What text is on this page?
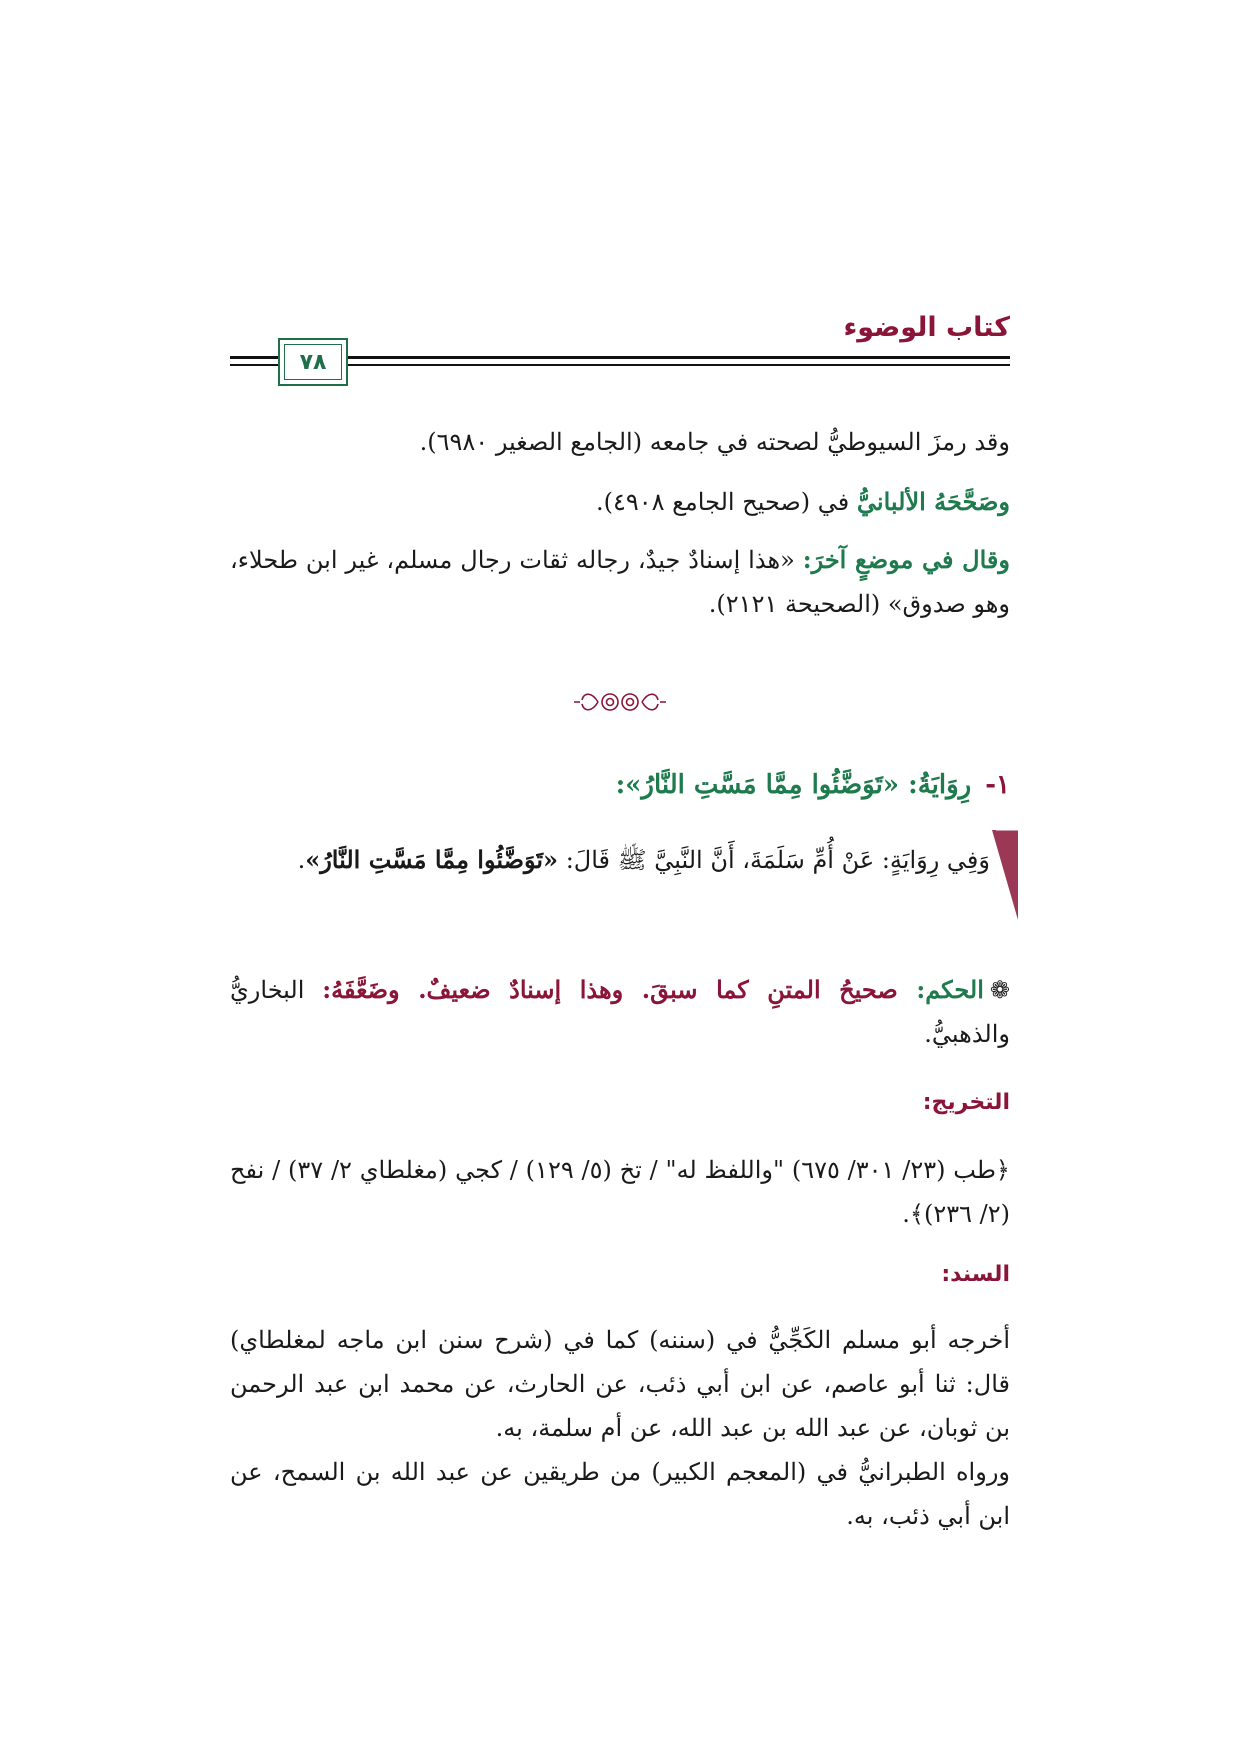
كتاب الوضوء
٧٨
وقد رمزَ السيوطيُّ لصحته في جامعه (الجامع الصغير ٦٩٨٠).
وصَحَّحَهُ الألبانيُّ في (صحيح الجامع ٤٩٠٨).
وقال في موضعٍ آخرَ: «هذا إسنادٌ جيدٌ، رجاله ثقات رجال مسلم، غير ابن طحلاء، وهو صدوق» (الصحيحة ٢١٢١).
١-رِوَايَةُ: «تَوَضَّئُوا مِمَّا مَسَّتِ النَّارُ»:
وَفِي رِوَايَةٍ: عَنْ أُمِّ سَلَمَةَ، أَنَّ النَّبِيَّ ﷺ قَالَ: «تَوَضَّئُوا مِمَّا مَسَّتِ النَّارُ».
❁الحكم: صحيحُ المتنِ كما سبقَ. وهذا إسنادٌ ضعيفٌ. وضَعَّفَهُ: البخاريُّ والذهبيُّ.
التخريج:
﴿طب (٢٣/ ٣٠١/ ٦٧٥) "واللفظ له" / تخ (٥/ ١٢٩) / كجي (مغلطاي ٢/ ٣٧) / نفح (٢/ ٢٣٦)﴾.
السند:
أخرجه أبو مسلم الكَجِّيُّ في (سننه) كما في (شرح سنن ابن ماجه لمغلطاي) قال: ثنا أبو عاصم، عن ابن أبي ذئب، عن الحارث، عن محمد ابن عبد الرحمن بن ثوبان، عن عبد الله بن عبد الله، عن أم سلمة، به.
ورواه الطبرانيُّ في (المعجم الكبير) من طريقين عن عبد الله بن السمح، عن ابن أبي ذئب، به.
